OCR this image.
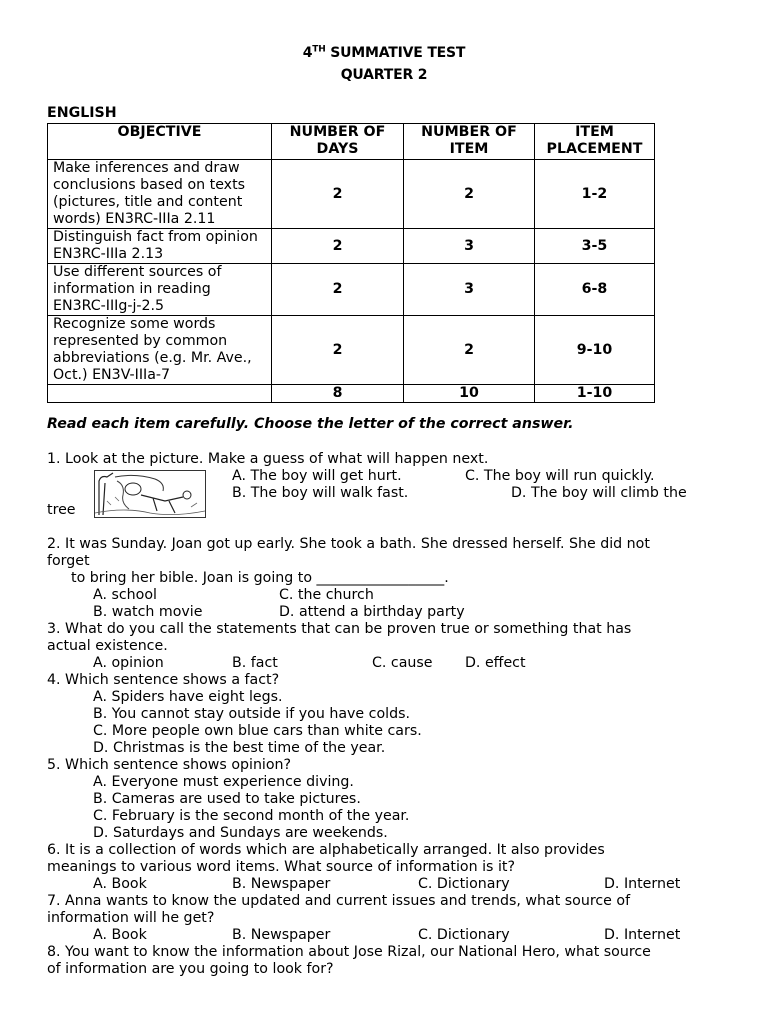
4TH SUMMATIVE TEST
QUARTER 2
ENGLISH
OBJECTIVE	NUMBER OF DAYS	NUMBER OF ITEM	ITEM PLACEMENT
Make inferences and draw conclusions based on texts (pictures, title and content words) EN3RC-IIIa 2.11	2	2	1-2
Distinguish fact from opinion EN3RC-IIIa 2.13	2	3	3-5
Use different sources of information in reading EN3RC-IIIg-j-2.5	2	3	6-8
Recognize some words represented by common abbreviations (e.g. Mr. Ave., Oct.) EN3V-IIIa-7	2	2	9-10
	8	10	1-10
Read each item carefully. Choose the letter of the correct answer.
1. Look at the picture. Make a guess of what will happen next.
A. The boy will get hurt.	C. The boy will run quickly.
B. The boy will walk fast.	D. The boy will climb the
tree
2. It was Sunday. Joan got up early. She took a bath. She dressed herself. She did not
forget
to bring her bible. Joan is going to __________________.
A. school	C. the church
B. watch movie	D. attend a birthday party
3. What do you call the statements that can be proven true or something that has
actual existence.
A. opinion	B. fact	C. cause D. effect
4. Which sentence shows a fact?
A. Spiders have eight legs.
B. You cannot stay outside if you have colds.
C. More people own blue cars than white cars.
D. Christmas is the best time of the year.
5. Which sentence shows opinion?
A. Everyone must experience diving.
B. Cameras are used to take pictures.
C. February is the second month of the year.
D. Saturdays and Sundays are weekends.
6. It is a collection of words which are alphabetically arranged. It also provides
meanings to various word items. What source of information is it?
A. Book	B. Newspaper	C. Dictionary	D. Internet
7. Anna wants to know the updated and current issues and trends, what source of
information will he get?
A. Book	B. Newspaper	C. Dictionary	D. Internet
8. You want to know the information about Jose Rizal, our National Hero, what source
of information are you going to look for?
